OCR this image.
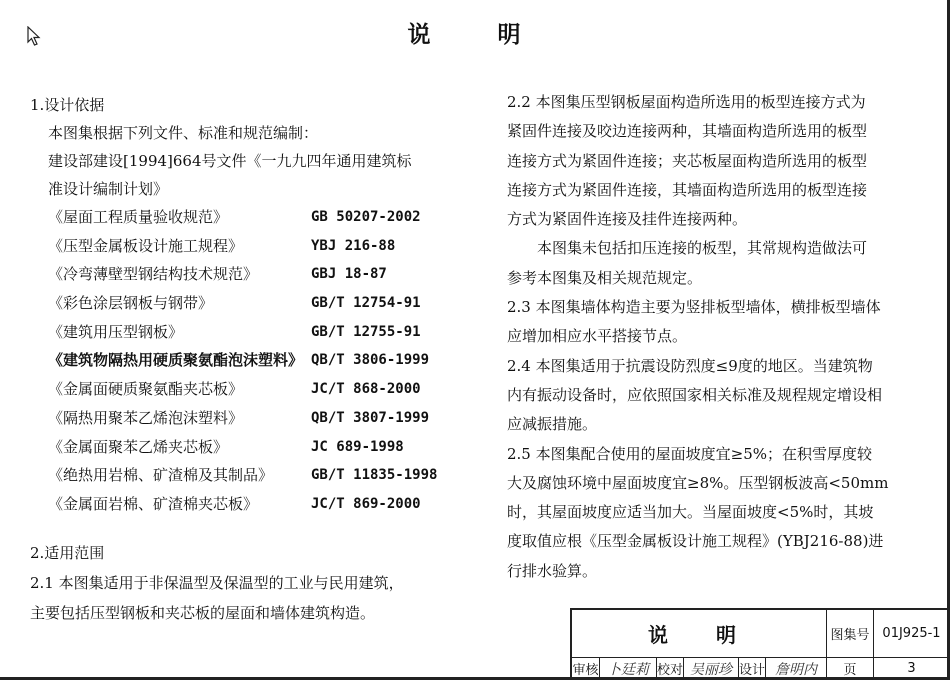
说　明
1.设计依据
本图集根据下列文件、标准和规范编制：
建设部建设[1994]664号文件《一九九四年通用建筑标
准设计编制计划》
《屋面工程质量验收规范》	GB 50207-2002
《压型金属板设计施工规程》	YBJ 216-88
《冷弯薄壁型钢结构技术规范》	GBJ 18-87
《彩色涂层钢板与钢带》	GB/T 12754-91
《建筑用压型钢板》	GB/T 12755-91
《建筑物隔热用硬质聚氨酯泡沫塑料》 QB/T 3806-1999
《金属面硬质聚氨酯夹芯板》	JC/T 868-2000
《隔热用聚苯乙烯泡沫塑料》	QB/T 3807-1999
《金属面聚苯乙烯夹芯板》	JC 689-1998
《绝热用岩棉、矿渣棉及其制品》	GB/T 11835-1998
《金属面岩棉、矿渣棉夹芯板》	JC/T 869-2000
2.适用范围
2.1 本图集适用于非保温型及保温型的工业与民用建筑，
主要包括压型钢板和夹芯板的屋面和墙体建筑构造。
2.2 本图集压型钢板屋面构造所选用的板型连接方式为
紧固件连接及咬边连接两种，其墙面构造所选用的板型
连接方式为紧固件连接；夹芯板屋面构造所选用的板型
连接方式为紧固件连接，其墙面构造所选用的板型连接
方式为紧固件连接及挂件连接两种。
本图集未包括扣压连接的板型，其常规构造做法可
参考本图集及相关规范规定。
2.3 本图集墙体构造主要为竖排板型墙体，横排板型墙体
应增加相应水平搭接节点。
2.4 本图集适用于抗震设防烈度≤9度的地区。当建筑物
内有振动设备时，应依照国家相关标准及规程规定增设相
应减振措施。
2.5 本图集配合使用的屋面坡度宜≥5%；在积雪厚度较
大及腐蚀环境中屋面坡度宜≥8%。压型钢板波高<50mm
时，其屋面坡度应适当加大。当屋面坡度<5%时，其坡
度取值应根《压型金属板设计施工规程》(YBJ216-88)进
行排水验算。
说　明	图集号 01J925-1
审核 卜廷莉 校对 吴丽珍 设计 詹明内	页	3
